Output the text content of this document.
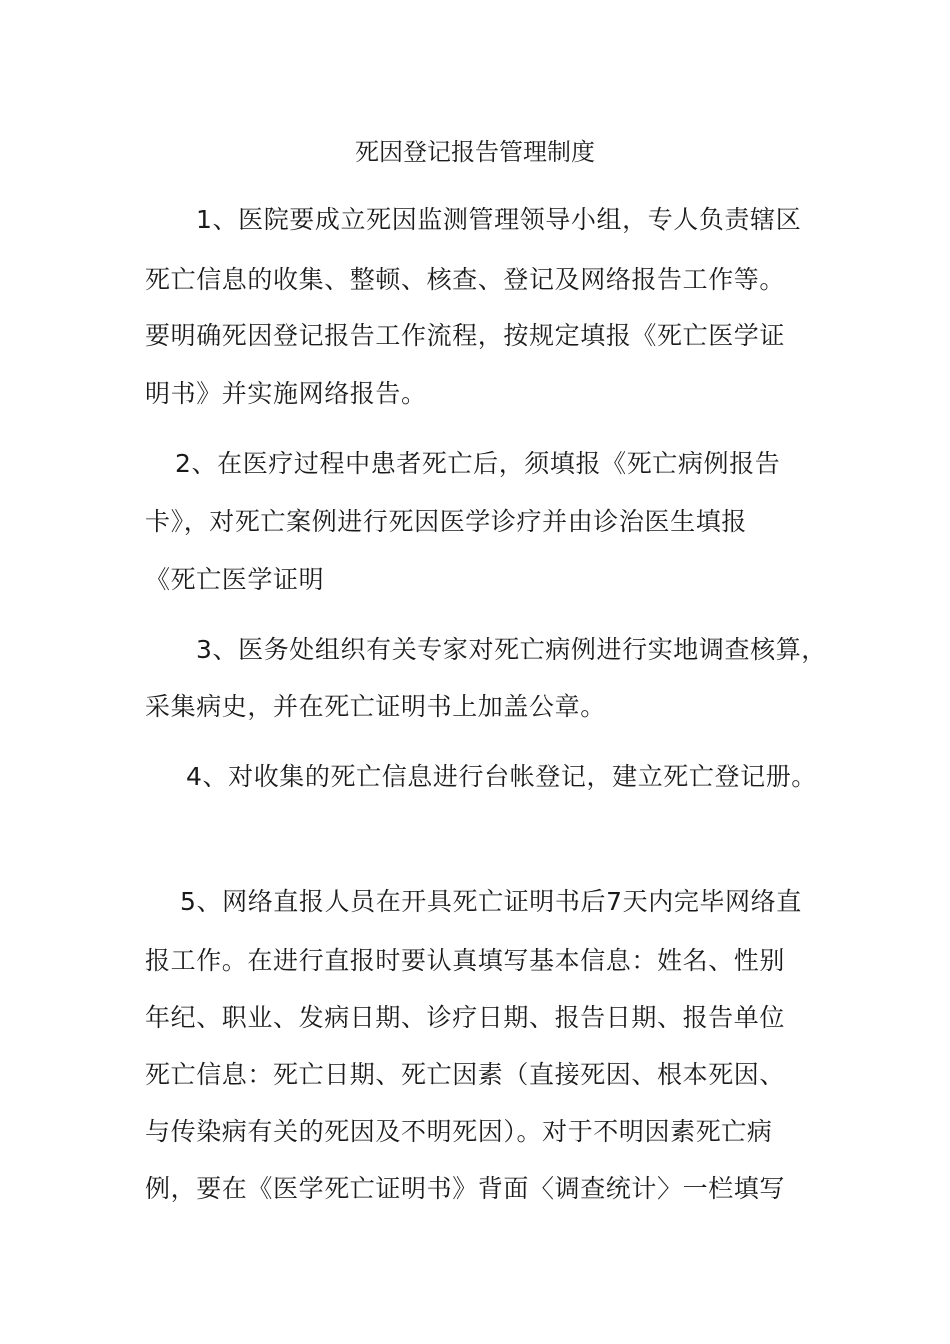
死因登记报告管理制度
1、医院要成立死因监测管理领导小组，专人负责辖区
死亡信息的收集、整顿、核查、登记及网络报告工作等。
要明确死因登记报告工作流程，按规定填报《死亡医学证
明书》并实施网络报告。
2、在医疗过程中患者死亡后，须填报《死亡病例报告
卡》，对死亡案例进行死因医学诊疗并由诊治医生填报
《死亡医学证明
3、医务处组织有关专家对死亡病例进行实地调查核算，
采集病史，并在死亡证明书上加盖公章。
4、对收集的死亡信息进行台帐登记，建立死亡登记册。
5、网络直报人员在开具死亡证明书后7天内完毕网络直
报工作。在进行直报时要认真填写基本信息：姓名、性别
年纪、职业、发病日期、诊疗日期、报告日期、报告单位
死亡信息：死亡日期、死亡因素（直接死因、根本死因、
与传染病有关的死因及不明死因）。对于不明因素死亡病
例，要在《医学死亡证明书》背面〈调查统计〉一栏填写
